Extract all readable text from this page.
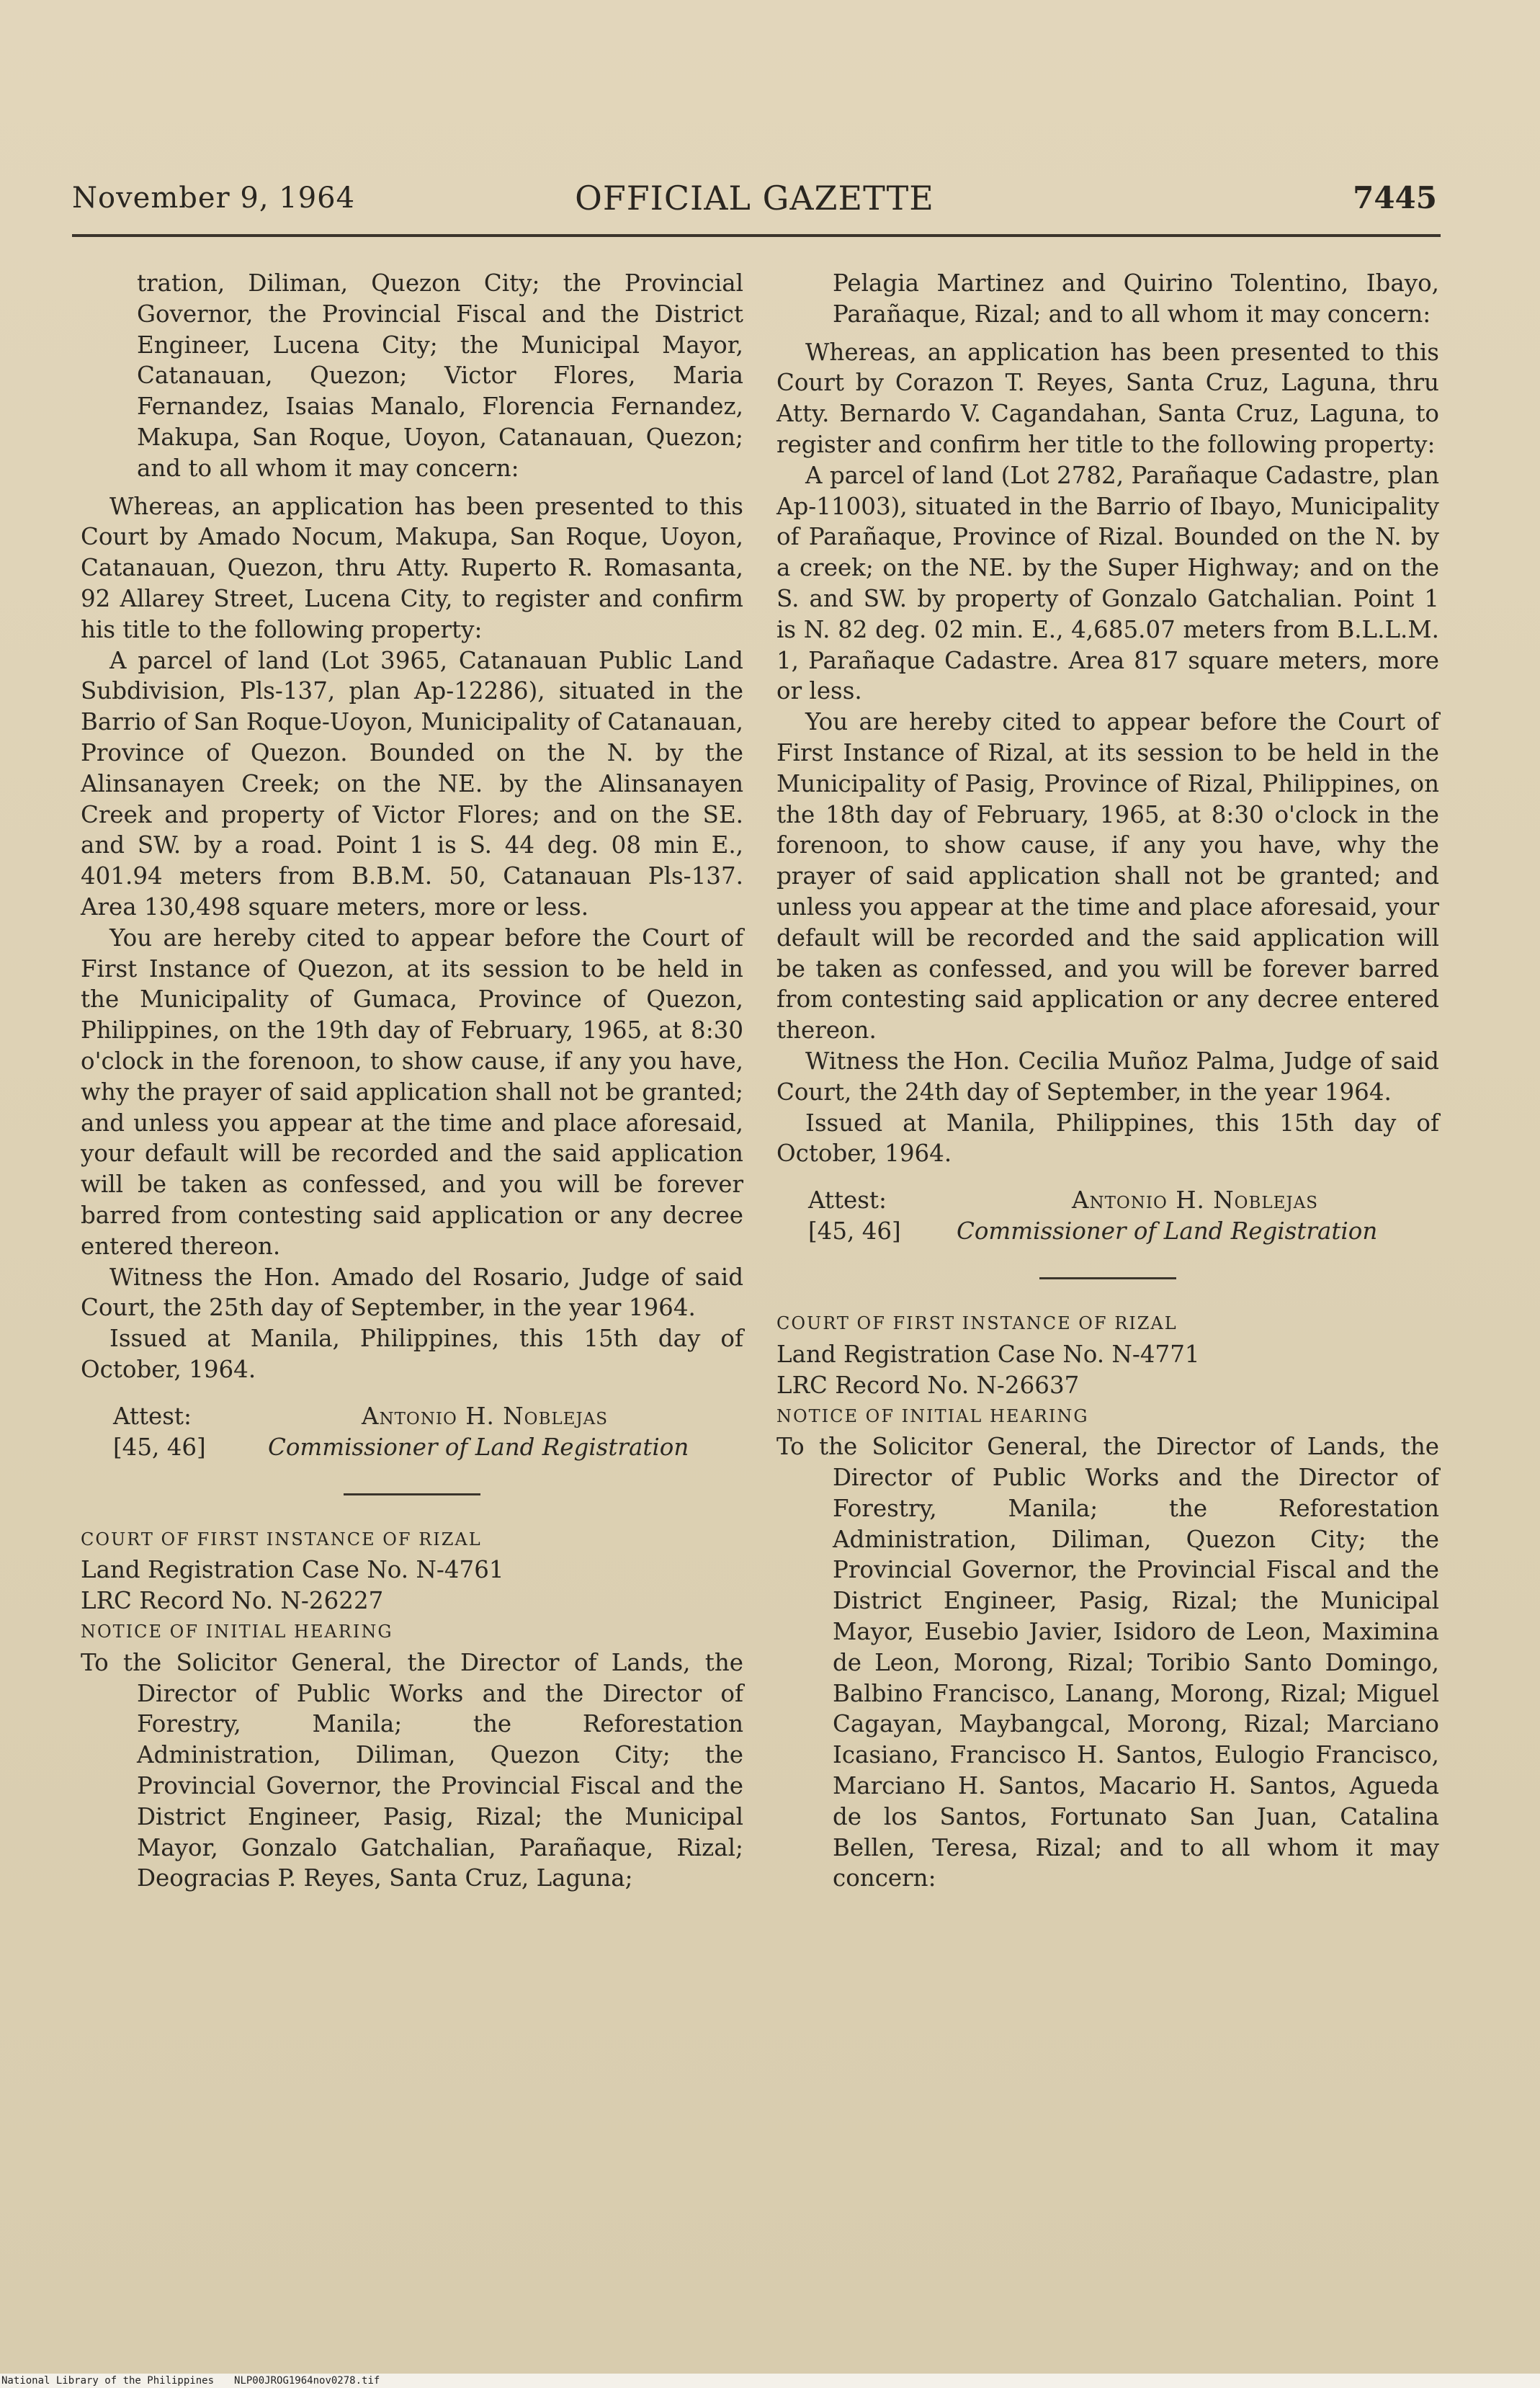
November 9, 1964	OFFICIAL GAZETTE	7445

tration, Diliman, Quezon City; the Provincial Governor, the Provincial Fiscal and the District Engineer, Lucena City; the Municipal Mayor, Catanauan, Quezon; Victor Flores, Maria Fernandez, Isaias Manalo, Florencia Fernandez, Makupa, San Roque, Uoyon, Catanauan, Quezon; and to all whom it may concern:

Whereas, an application has been presented to this Court by Amado Nocum, Makupa, San Roque, Uoyon, Catanauan, Quezon, thru Atty. Ruperto R. Romasanta, 92 Allarey Street, Lucena City, to register and confirm his title to the following property:

A parcel of land (Lot 3965, Catanauan Public Land Subdivision, Pls-137, plan Ap-12286), situated in the Barrio of San Roque-Uoyon, Municipality of Catanauan, Province of Quezon. Bounded on the N. by the Alinsanayen Creek; on the NE. by the Alinsanayen Creek and property of Victor Flores; and on the SE. and SW. by a road. Point 1 is S. 44 deg. 08 min E., 401.94 meters from B.B.M. 50, Catanauan Pls-137. Area 130,498 square meters, more or less.

You are hereby cited to appear before the Court of First Instance of Quezon, at its session to be held in the Municipality of Gumaca, Province of Quezon, Philippines, on the 19th day of February, 1965, at 8:30 o'clock in the forenoon, to show cause, if any you have, why the prayer of said application shall not be granted; and unless you appear at the time and place aforesaid, your default will be recorded and the said application will be taken as confessed, and you will be forever barred from contesting said application or any decree entered thereon.

Witness the Hon. Amado del Rosario, Judge of said Court, the 25th day of September, in the year 1964.

Issued at Manila, Philippines, this 15th day of October, 1964.

Attest:
[45, 46]
Antonio H. Noblejas
Commissioner of Land Registration

COURT OF FIRST INSTANCE OF RIZAL

Land Registration Case No. N-4761

LRC Record No. N-26227

NOTICE OF INITIAL HEARING

To the Solicitor General, the Director of Lands, the Director of Public Works and the Director of Forestry, Manila; the Reforestation Administration, Diliman, Quezon City; the Provincial Governor, the Provincial Fiscal and the District Engineer, Pasig, Rizal; the Municipal Mayor, Gonzalo Gatchalian, Parañaque, Rizal; Deogracias P. Reyes, Santa Cruz, Laguna;

Pelagia Martinez and Quirino Tolentino, Ibayo, Parañaque, Rizal; and to all whom it may concern:

Whereas, an application has been presented to this Court by Corazon T. Reyes, Santa Cruz, Laguna, thru Atty. Bernardo V. Cagandahan, Santa Cruz, Laguna, to register and confirm her title to the following property:

A parcel of land (Lot 2782, Parañaque Cadastre, plan Ap-11003), situated in the Barrio of Ibayo, Municipality of Parañaque, Province of Rizal. Bounded on the N. by a creek; on the NE. by the Super Highway; and on the S. and SW. by property of Gonzalo Gatchalian. Point 1 is N. 82 deg. 02 min. E., 4,685.07 meters from B.L.L.M. 1, Parañaque Cadastre. Area 817 square meters, more or less.

You are hereby cited to appear before the Court of First Instance of Rizal, at its session to be held in the Municipality of Pasig, Province of Rizal, Philippines, on the 18th day of February, 1965, at 8:30 o'clock in the forenoon, to show cause, if any you have, why the prayer of said application shall not be granted; and unless you appear at the time and place aforesaid, your default will be recorded and the said application will be taken as confessed, and you will be forever barred from contesting said application or any decree entered thereon.

Witness the Hon. Cecilia Muñoz Palma, Judge of said Court, the 24th day of September, in the year 1964.

Issued at Manila, Philippines, this 15th day of October, 1964.

Attest:
[45, 46]
Antonio H. Noblejas
Commissioner of Land Registration

COURT OF FIRST INSTANCE OF RIZAL

Land Registration Case No. N-4771

LRC Record No. N-26637

NOTICE OF INITIAL HEARING

To the Solicitor General, the Director of Lands, the Director of Public Works and the Director of Forestry, Manila; the Reforestation Administration, Diliman, Quezon City; the Provincial Governor, the Provincial Fiscal and the District Engineer, Pasig, Rizal; the Municipal Mayor, Eusebio Javier, Isidoro de Leon, Maximina de Leon, Morong, Rizal; Toribio Santo Domingo, Balbino Francisco, Lanang, Morong, Rizal; Miguel Cagayan, Maybangcal, Morong, Rizal; Marciano Icasiano, Francisco H. Santos, Eulogio Francisco, Marciano H. Santos, Macario H. Santos, Agueda de los Santos, Fortunato San Juan, Catalina Bellen, Teresa, Rizal; and to all whom it may concern:

National Library of the Philippines NLP00JROG1964nov0278.tif
